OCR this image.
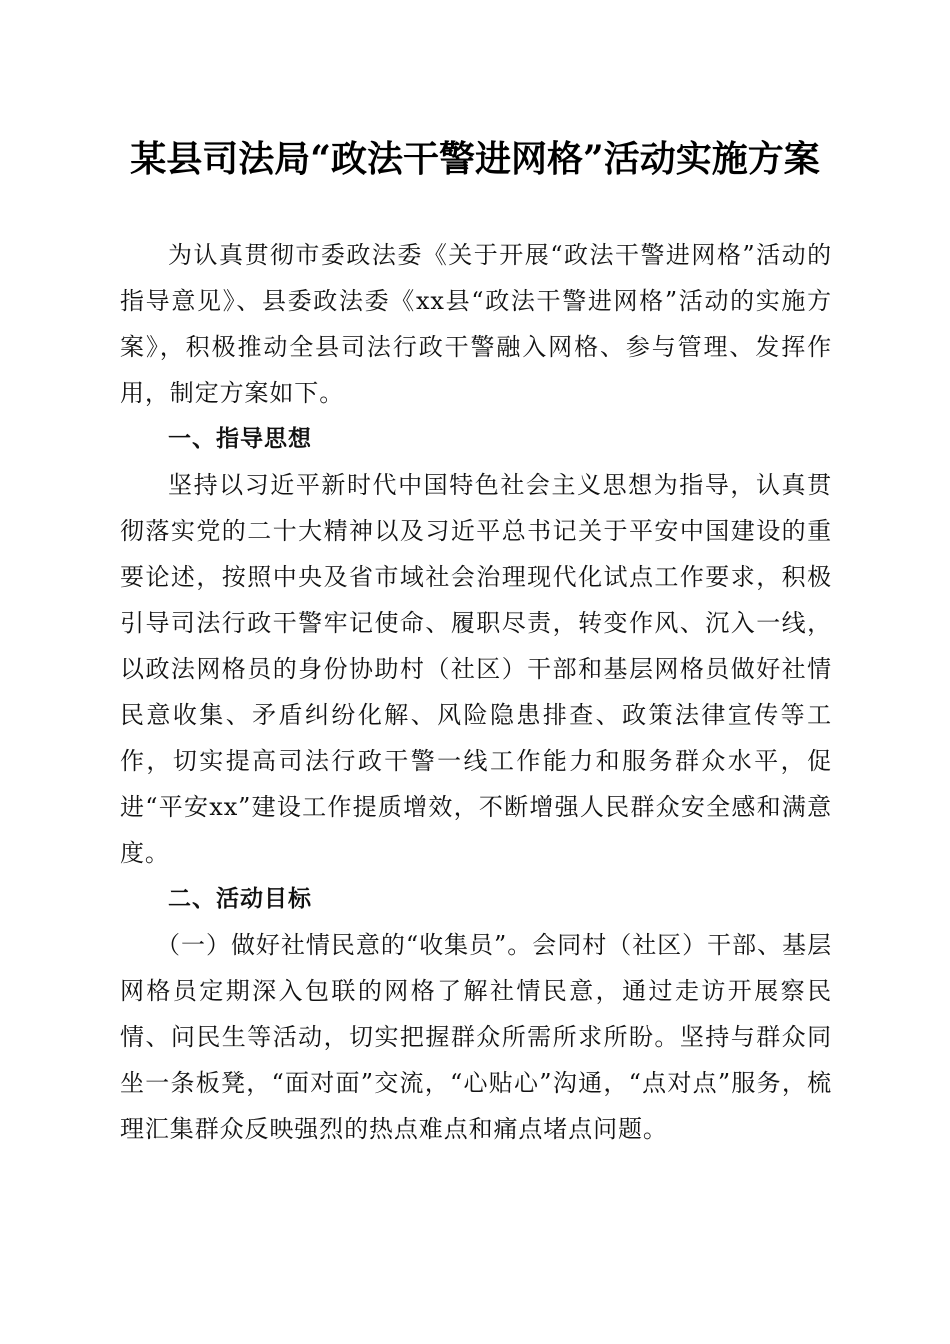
某县司法局“政法干警进网格”活动实施方案

为认真贯彻市委政法委《关于开展“政法干警进网格”活动的指导意见》、县委政法委《xx县“政法干警进网格”活动的实施方案》，积极推动全县司法行政干警融入网格、参与管理、发挥作用，制定方案如下。

一、指导思想

坚持以习近平新时代中国特色社会主义思想为指导，认真贯彻落实党的二十大精神以及习近平总书记关于平安中国建设的重要论述，按照中央及省市域社会治理现代化试点工作要求，积极引导司法行政干警牢记使命、履职尽责，转变作风、沉入一线，以政法网格员的身份协助村（社区）干部和基层网格员做好社情民意收集、矛盾纠纷化解、风险隐患排查、政策法律宣传等工作，切实提高司法行政干警一线工作能力和服务群众水平，促进“平安xx”建设工作提质增效，不断增强人民群众安全感和满意度。

二、活动目标

（一）做好社情民意的“收集员”。会同村（社区）干部、基层网格员定期深入包联的网格了解社情民意，通过走访开展察民情、问民生等活动，切实把握群众所需所求所盼。坚持与群众同坐一条板凳，“面对面”交流，“心贴心”沟通，“点对点”服务，梳理汇集群众反映强烈的热点难点和痛点堵点问题。
